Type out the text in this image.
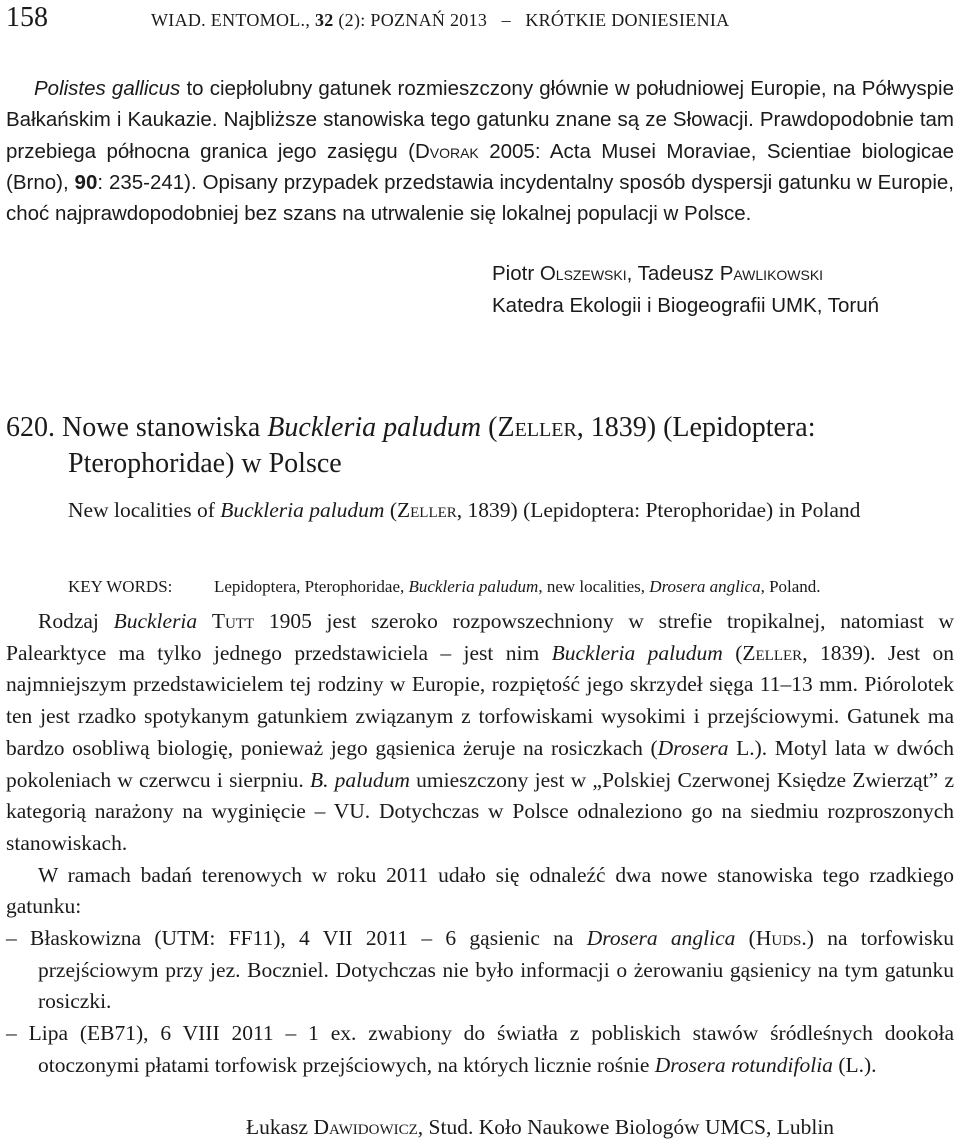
158	WIAD. ENTOMOL., 32 (2): POZNAŃ 2013 – KRÓTKIE DONIESIENIA

Polistes gallicus to ciepłolubny gatunek rozmieszczony głównie w południowej Europie, na Półwyspie Bałkańskim i Kaukazie. Najbliższe stanowiska tego gatunku znane są ze Słowacji. Prawdopodobnie tam przebiega północna granica jego zasięgu (Dvorak 2005: Acta Musei Moraviae, Scientiae biologicae (Brno), 90: 235-241). Opisany przypadek przedstawia incydentalny sposób dyspersji gatunku w Europie, choć najprawdopodobniej bez szans na utrwalenie się lokalnej populacji w Polsce.

Piotr Olszewski, Tadeusz Pawlikowski
Katedra Ekologii i Biogeografii UMK, Toruń
620. Nowe stanowiska Buckleria paludum (Zeller, 1839) (Lepidoptera: Pterophoridae) w Polsce

New localities of Buckleria paludum (Zeller, 1839) (Lepidoptera: Pterophoridae) in Poland

KEY WORDS: Lepidoptera, Pterophoridae, Buckleria paludum, new localities, Drosera anglica, Poland.

Rodzaj Buckleria Tutt 1905 jest szeroko rozpowszechniony w strefie tropikalnej, natomiast w Palearktyce ma tylko jednego przedstawiciela – jest nim Buckleria paludum (Zeller, 1839). Jest on najmniejszym przedstawicielem tej rodziny w Europie, rozpiętość jego skrzydeł sięga 11–13 mm. Piórolotek ten jest rzadko spotykanym gatunkiem związanym z torfowiskami wysokimi i przejściowymi. Gatunek ma bardzo osobliwą biologię, ponieważ jego gąsienica żeruje na rosiczkach (Drosera L.). Motyl lata w dwóch pokoleniach w czerwcu i sierpniu. B. paludum umieszczony jest w „Polskiej Czerwonej Księdze Zwierząt” z kategorią narażony na wyginięcie – VU. Dotychczas w Polsce odnaleziono go na siedmiu rozproszonych stanowiskach.

W ramach badań terenowych w roku 2011 udało się odnaleźć dwa nowe stanowiska tego rzadkiego gatunku:

– Błaskowizna (UTM: FF11), 4 VII 2011 – 6 gąsienic na Drosera anglica (Huds.) na torfowisku przejściowym przy jez. Boczniel. Dotychczas nie było informacji o żerowaniu gąsienicy na tym gatunku rosiczki.

– Lipa (EB71), 6 VIII 2011 – 1 ex. zwabiony do światła z pobliskich stawów śródleśnych dookoła otoczonymi płatami torfowisk przejściowych, na których licznie rośnie Drosera rotundifolia (L.).

Łukasz Dawidowicz, Stud. Koło Naukowe Biologów UMCS, Lublin
